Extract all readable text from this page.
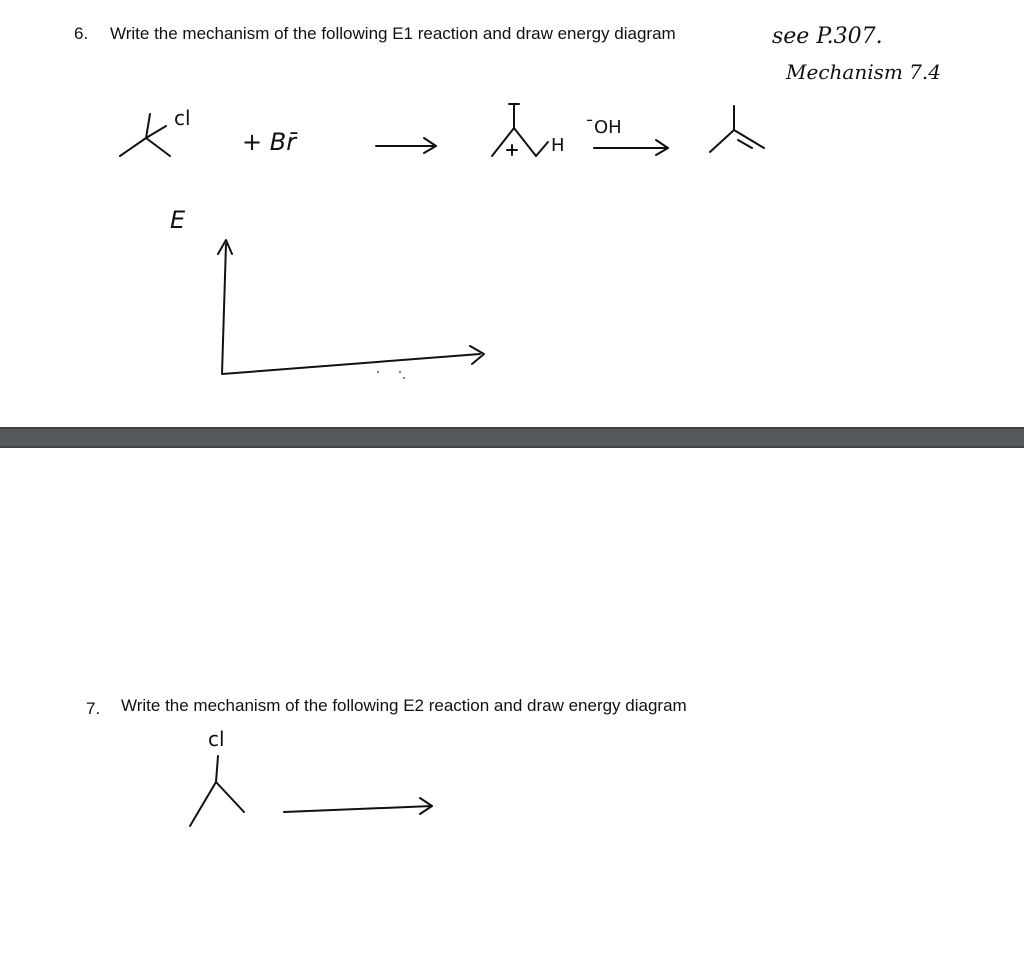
6. Write the mechanism of the following E1 reaction and draw energy diagram	see P.307.

Mechanism 7.4

cl
+ Br̄	H
̄OH
E
cl

7. Write the mechanism of the following E2 reaction and draw energy diagram
